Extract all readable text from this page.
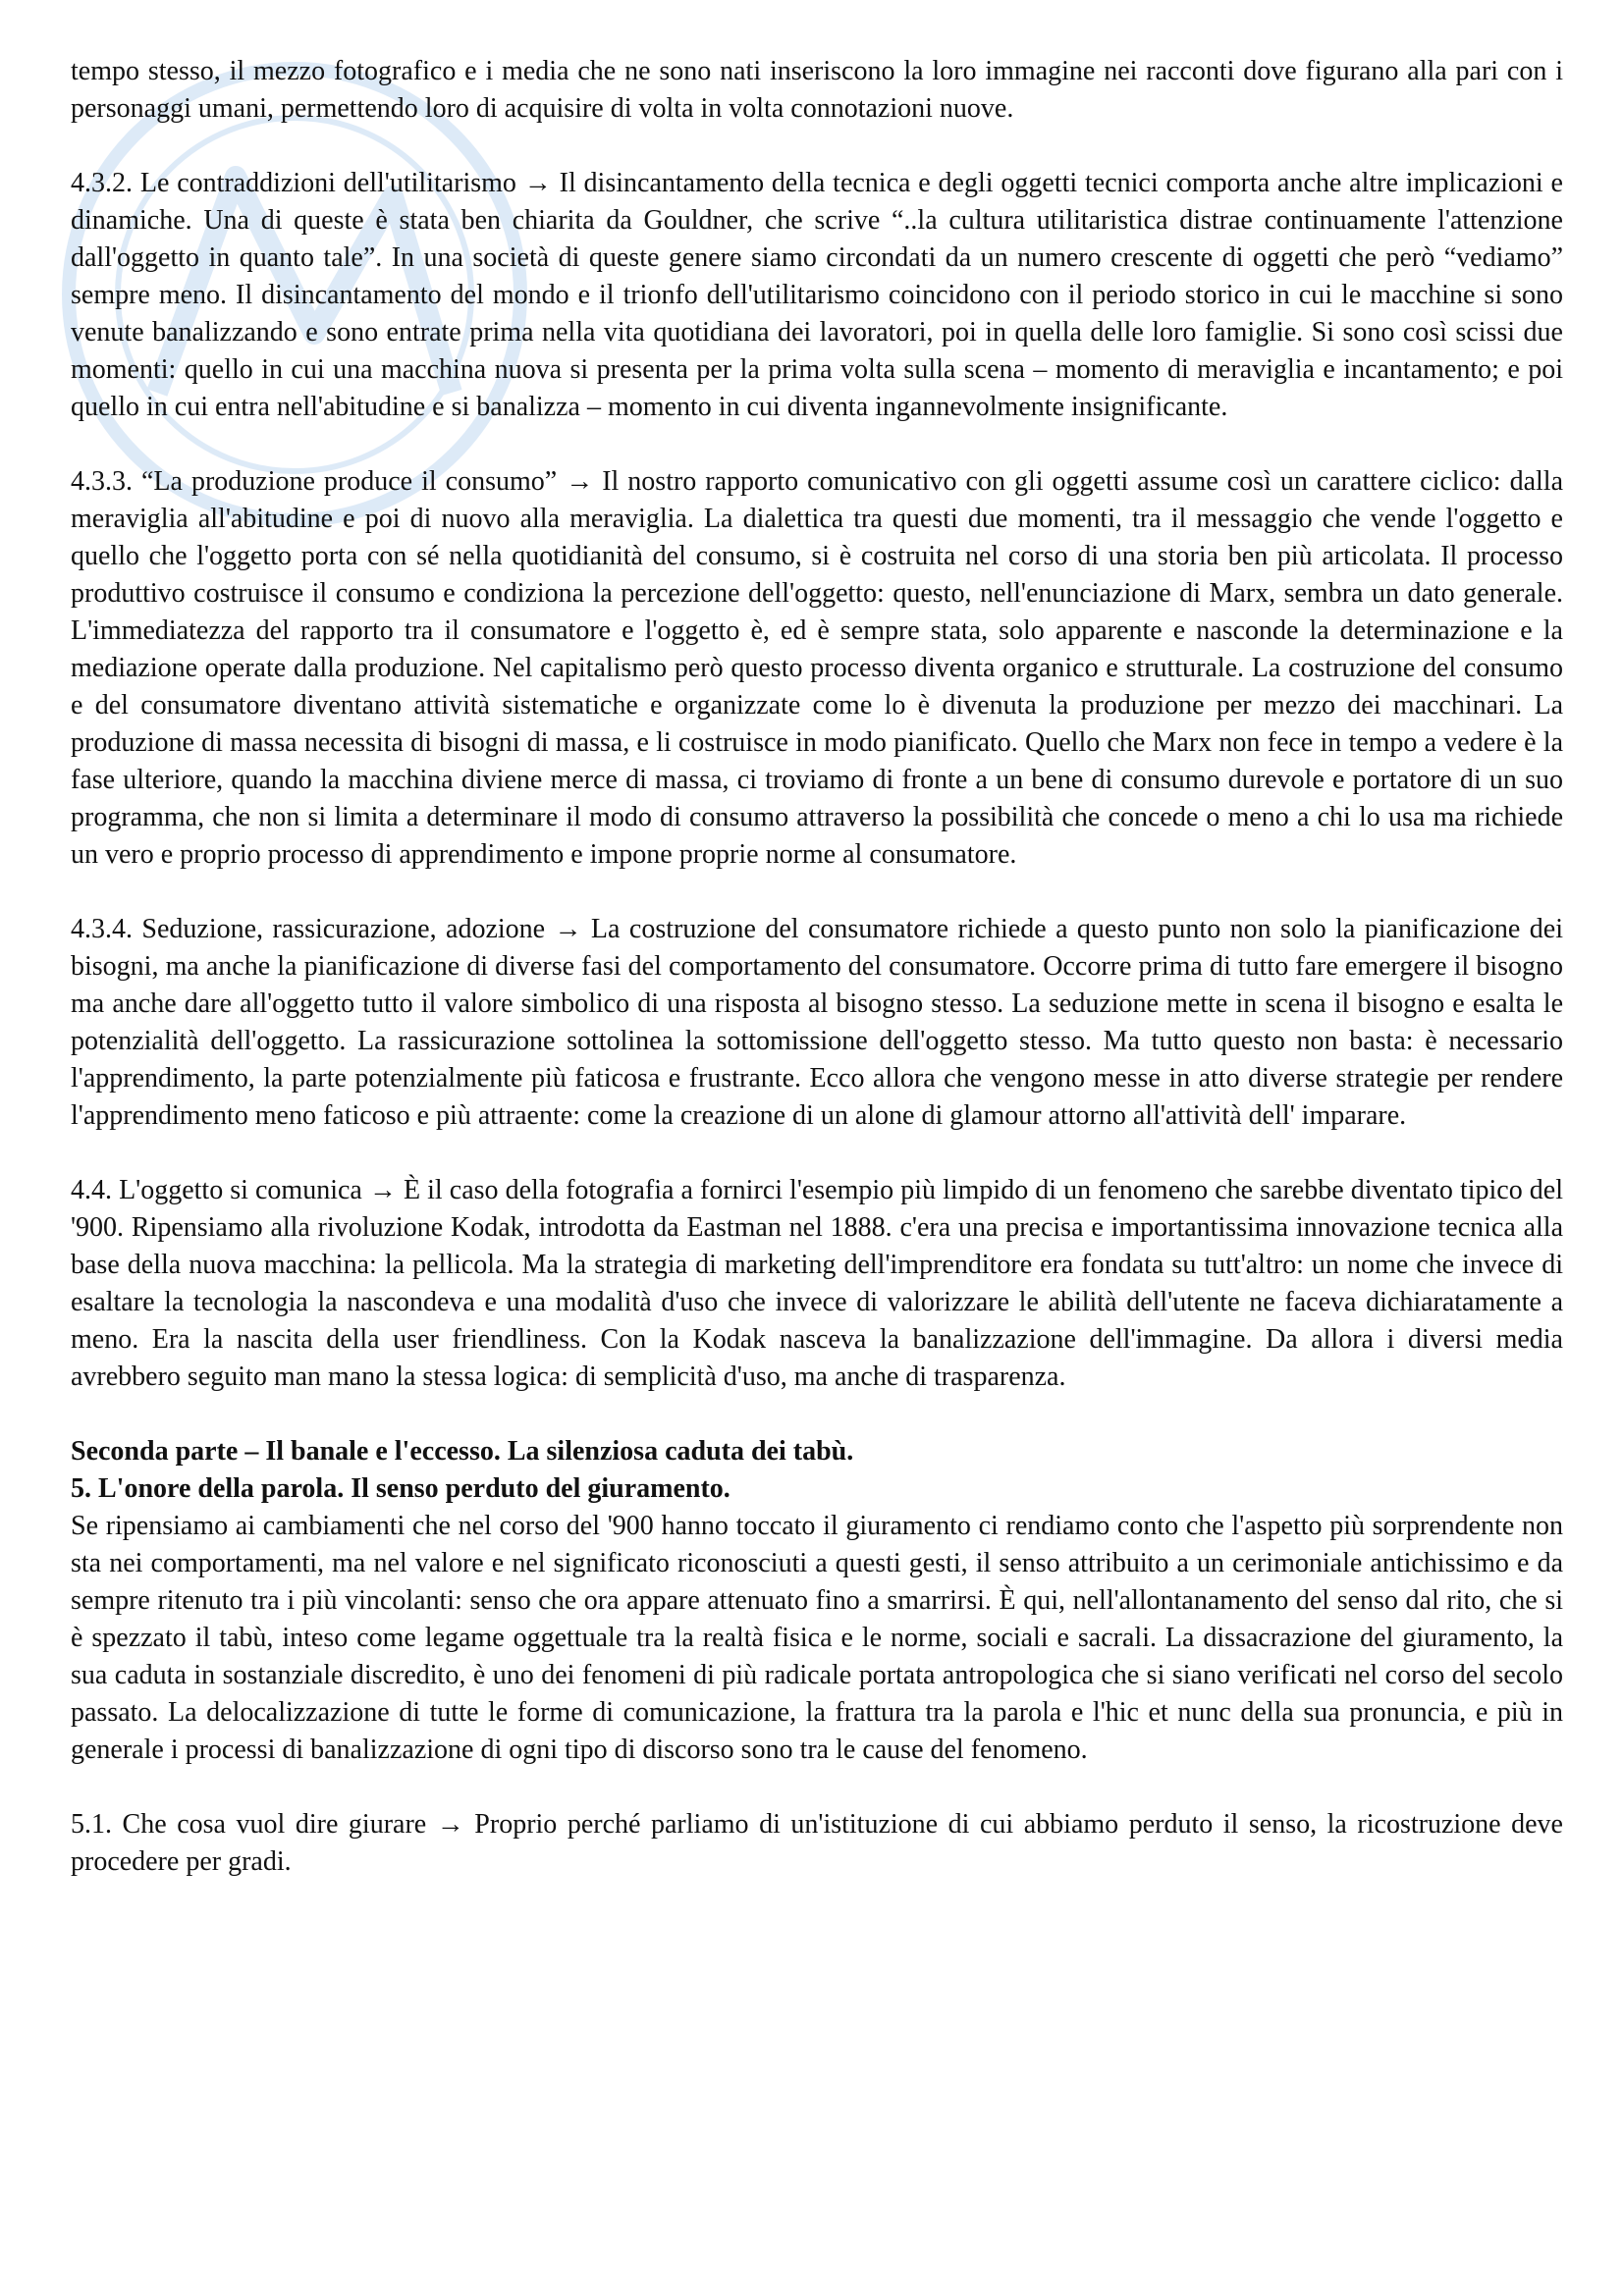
tempo stesso, il mezzo fotografico e i media che ne sono nati inseriscono la loro immagine nei racconti dove figurano alla pari con i personaggi umani, permettendo loro di acquisire di volta in volta connotazioni nuove.

4.3.2. Le contraddizioni dell'utilitarismo → Il disincantamento della tecnica e degli oggetti tecnici comporta anche altre implicazioni e dinamiche. Una di queste è stata ben chiarita da Gouldner, che scrive “..la cultura utilitaristica distrae continuamente l'attenzione dall'oggetto in quanto tale”. In una società di queste genere siamo circondati da un numero crescente di oggetti che però “vediamo” sempre meno. Il disincantamento del mondo e il trionfo dell'utilitarismo coincidono con il periodo storico in cui le macchine si sono venute banalizzando e sono entrate prima nella vita quotidiana dei lavoratori, poi in quella delle loro famiglie. Si sono così scissi due momenti: quello in cui una macchina nuova si presenta per la prima volta sulla scena – momento di meraviglia e incantamento; e poi quello in cui entra nell'abitudine e si banalizza – momento in cui diventa ingannevolmente insignificante.

4.3.3. “La produzione produce il consumo” → Il nostro rapporto comunicativo con gli oggetti assume così un carattere ciclico: dalla meraviglia all'abitudine e poi di nuovo alla meraviglia. La dialettica tra questi due momenti, tra il messaggio che vende l'oggetto e quello che l'oggetto porta con sé nella quotidianità del consumo, si è costruita nel corso di una storia ben più articolata. Il processo produttivo costruisce il consumo e condiziona la percezione dell'oggetto: questo, nell'enunciazione di Marx, sembra un dato generale. L'immediatezza del rapporto tra il consumatore e l'oggetto è, ed è sempre stata, solo apparente e nasconde la determinazione e la mediazione operate dalla produzione. Nel capitalismo però questo processo diventa organico e strutturale. La costruzione del consumo e del consumatore diventano attività sistematiche e organizzate come lo è divenuta la produzione per mezzo dei macchinari. La produzione di massa necessita di bisogni di massa, e li costruisce in modo pianificato. Quello che Marx non fece in tempo a vedere è la fase ulteriore, quando la macchina diviene merce di massa, ci troviamo di fronte a un bene di consumo durevole e portatore di un suo programma, che non si limita a determinare il modo di consumo attraverso la possibilità che concede o meno a chi lo usa ma richiede un vero e proprio processo di apprendimento e impone proprie norme al consumatore.

4.3.4. Seduzione, rassicurazione, adozione → La costruzione del consumatore richiede a questo punto non solo la pianificazione dei bisogni, ma anche la pianificazione di diverse fasi del comportamento del consumatore. Occorre prima di tutto fare emergere il bisogno ma anche dare all'oggetto tutto il valore simbolico di una risposta al bisogno stesso. La seduzione mette in scena il bisogno e esalta le potenzialità dell'oggetto. La rassicurazione sottolinea la sottomissione dell'oggetto stesso. Ma tutto questo non basta: è necessario l'apprendimento, la parte potenzialmente più faticosa e frustrante. Ecco allora che vengono messe in atto diverse strategie per rendere l'apprendimento meno faticoso e più attraente: come la creazione di un alone di glamour attorno all'attività dell' imparare.

4.4. L'oggetto si comunica → È il caso della fotografia a fornirci l'esempio più limpido di un fenomeno che sarebbe diventato tipico del '900. Ripensiamo alla rivoluzione Kodak, introdotta da Eastman nel 1888. c'era una precisa e importantissima innovazione tecnica alla base della nuova macchina: la pellicola. Ma la strategia di marketing dell'imprenditore era fondata su tutt'altro: un nome che invece di esaltare la tecnologia la nascondeva e una modalità d'uso che invece di valorizzare le abilità dell'utente ne faceva dichiaratamente a meno. Era la nascita della user friendliness. Con la Kodak nasceva la banalizzazione dell'immagine. Da allora i diversi media avrebbero seguito man mano la stessa logica: di semplicità d'uso, ma anche di trasparenza.

Seconda parte – Il banale e l'eccesso. La silenziosa caduta dei tabù.

5. L'onore della parola. Il senso perduto del giuramento.

Se ripensiamo ai cambiamenti che nel corso del '900 hanno toccato il giuramento ci rendiamo conto che l'aspetto più sorprendente non sta nei comportamenti, ma nel valore e nel significato riconosciuti a questi gesti, il senso attribuito a un cerimoniale antichissimo e da sempre ritenuto tra i più vincolanti: senso che ora appare attenuato fino a smarrirsi. È qui, nell'allontanamento del senso dal rito, che si è spezzato il tabù, inteso come legame oggettuale tra la realtà fisica e le norme, sociali e sacrali. La dissacrazione del giuramento, la sua caduta in sostanziale discredito, è uno dei fenomeni di più radicale portata antropologica che si siano verificati nel corso del secolo passato. La delocalizzazione di tutte le forme di comunicazione, la frattura tra la parola e l'hic et nunc della sua pronuncia, e più in generale i processi di banalizzazione di ogni tipo di discorso sono tra le cause del fenomeno.

5.1. Che cosa vuol dire giurare → Proprio perché parliamo di un'istituzione di cui abbiamo perduto il senso, la ricostruzione deve procedere per gradi.
